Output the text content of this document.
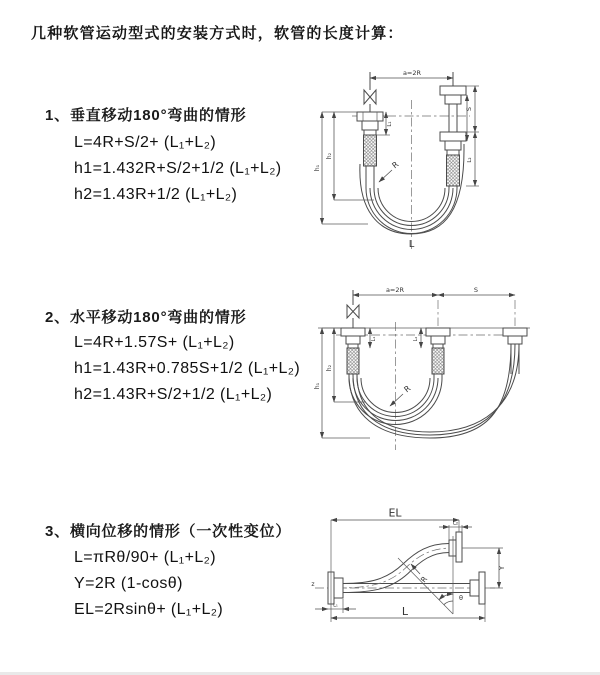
几种软管运动型式的安装方式时，软管的长度计算：
1、垂直移动180°弯曲的情形
L=4R+S/2+ (L₁+L₂)
h1=1.432R+S/2+1/2 (L₁+L₂)
h2=1.43R+1/2 (L₁+L₂)
2、水平移动180°弯曲的情形
L=4R+1.57S+ (L₁+L₂)
h1=1.43R+0.785S+1/2 (L₁+L₂)
h2=1.43R+S/2+1/2 (L₁+L₂)
3、横向位移的情形（一次性变位）
L=πRθ/90+ (L₁+L₂)
Y=2R (1-cosθ)
EL=2Rsinθ+ (L₁+L₂)
a=2R
h₁
h₂
S
L₂
L₁
R
L
a=2R	S
h₁
h₂
L₁	L₂
R
z
θ
R
EL
L₂
Y
L
L₁
